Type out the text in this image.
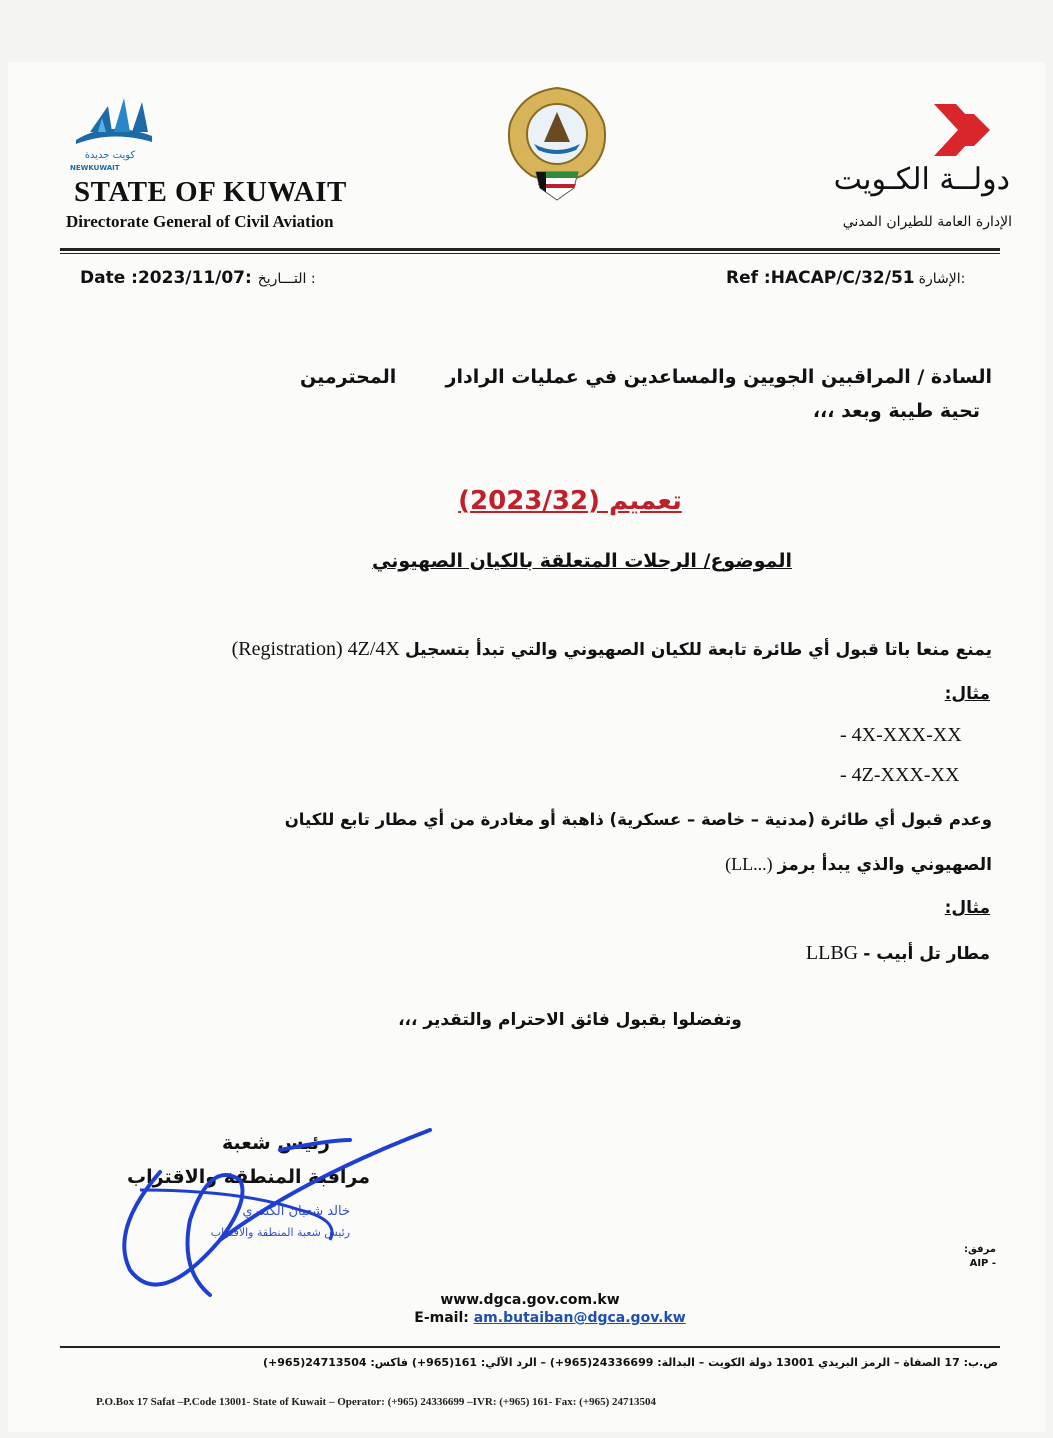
كويت جديدة
NEWKUWAIT
STATE OF KUWAIT
Directorate General of Civil Aviation
دولــة الكـويت
الإدارة العامة للطيران المدني
Date :2023/11/07: التـــاريخ :	Ref :HACAP/C/32/51 الإشارة:
السادة / المراقبين الجويين والمساعدين في عمليات الرادار  المحترمين
تحية طيبة وبعد ،،،
تعميم (2023/32)
الموضوع/ الرحلات المتعلقة بالكيان الصهيوني
(Registration) 4Z/4X يمنع منعا باتا قبول أي طائرة تابعة للكيان الصهيوني والتي تبدأ بتسجيل
مثال:
- 4X-XXX-XX
- 4Z-XXX-XX
وعدم قبول أي طائرة (مدنية – خاصة – عسكرية) ذاهبة أو مغادرة من أي مطار تابع للكيان
(LL...) الصهيوني والذي يبدأ برمز
مثال:
LLBG - مطار تل أبيب
وتفضلوا بقبول فائق الاحترام والتقدير ،،،
رئيس شعبة
مراقبة المنطقة والاقتراب
خالد شعبان الكندري
رئيس شعبة المنطقة والاقتراب
مرفق:
AIP -
www.dgca.gov.com.kw
E-mail: am.butaiban@dgca.gov.kw
ص.ب: 17 الصفاة – الرمز البريدي 13001 دولة الكويت – البدالة: 24336699(965+) – الرد الآلي: 161(965+) فاكس: 24713504(965+)
P.O.Box 17 Safat –P.Code 13001- State of Kuwait – Operator: (+965) 24336699 –IVR: (+965) 161- Fax: (+965) 24713504
